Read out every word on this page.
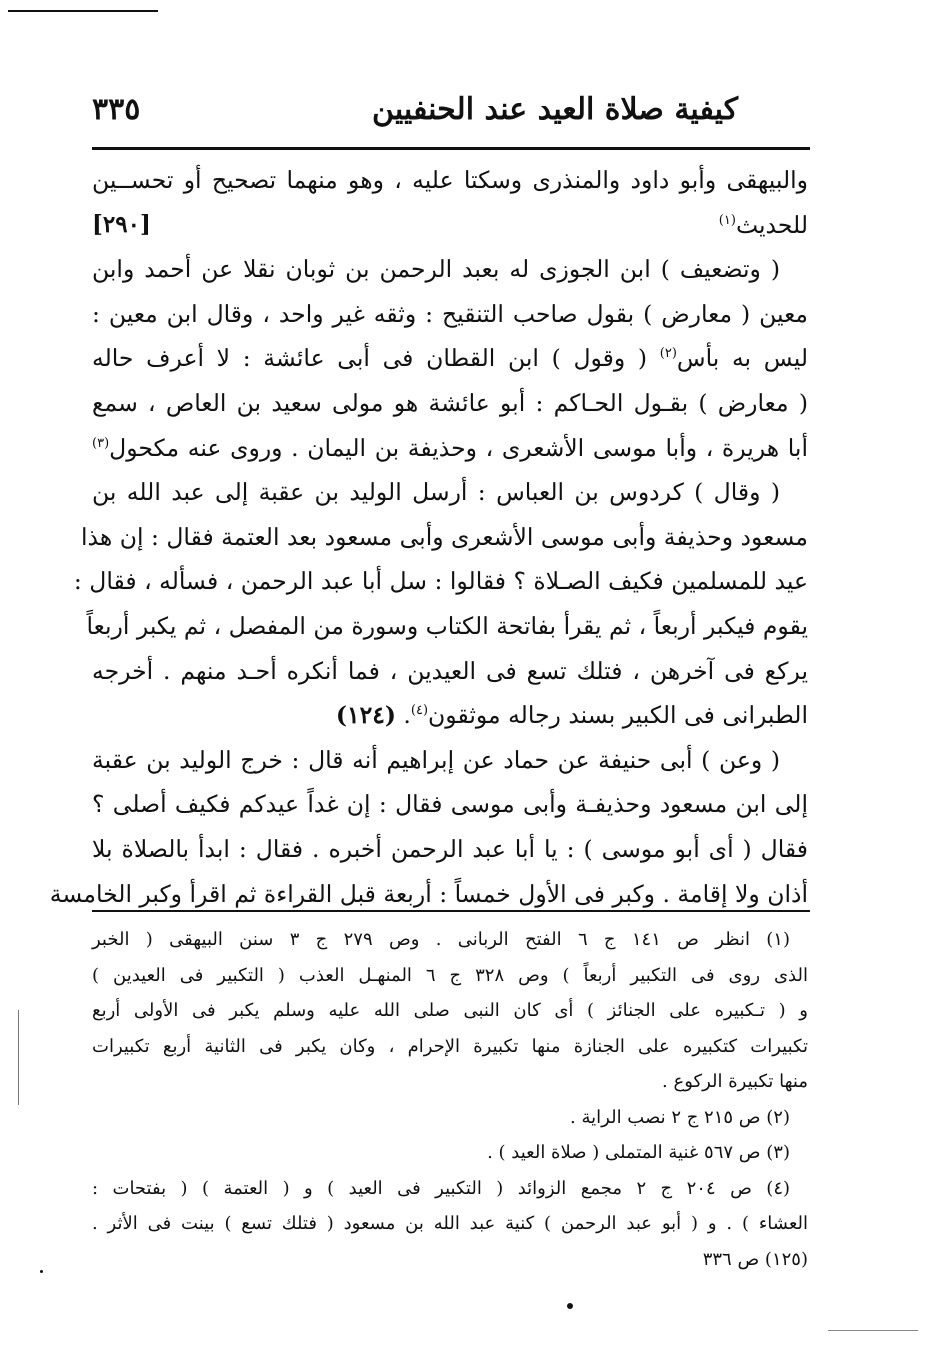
٣٣٥	كيفية صلاة العيد عند الحنفيين
والبيهقى وأبو داود والمنذرى وسكتا عليه ، وهو منهما تصحيح أو تحســين
للحديث$^{(١)}$
[٢٩٠]
( وتضعيف ) ابن الجوزى له بعبد الرحمن بن ثوبان نقلا عن أحمد وابن
معين ( معارض ) بقول صاحب التنقيح : وثقه غير واحد ، وقال ابن معين :
ليس به بأس$^{(٢)}$ ( وقول ) ابن القطان فى أبى عائشة : لا أعرف حاله
( معارض ) بقـول الحـاكم : أبو عائشة هو مولى سعيد بن العاص ، سمع
أبا هريرة ، وأبا موسى الأشعرى ، وحذيفة بن اليمان . وروى عنه مكحول$^{(٣)}$
( وقال ) كردوس بن العباس : أرسل الوليد بن عقبة إلى عبد الله بن
مسعود وحذيفة وأبى موسى الأشعرى وأبى مسعود بعد العتمة فقال : إن هذا
عيد للمسلمين فكيف الصـلاة ؟ فقالوا : سل أبا عبد الرحمن ، فسأله ، فقال :
يقوم فيكبر أربعاً ، ثم يقرأ بفاتحة الكتاب وسورة من المفصل ، ثم يكبر أربعاً
يركع فى آخرهن ، فتلك تسع فى العيدين ، فما أنكره أحـد منهم . أخرجه
الطبرانى فى الكبير بسند رجاله موثقون$^{(٤)}$. (١٢٤)
( وعن ) أبى حنيفة عن حماد عن إبراهيم أنه قال : خرج الوليد بن عقبة
إلى ابن مسعود وحذيفـة وأبى موسى فقال : إن غداً عيدكم فكيف أصلى ؟
فقال ( أى أبو موسى ) : يا أبا عبد الرحمن أخبره . فقال : ابدأ بالصلاة بلا
أذان ولا إقامة . وكبر فى الأول خمساً : أربعة قبل القراءة ثم اقرأ وكبر الخامسة
(١) انظر ص ١٤١ ج ٦ الفتح الربانى . وص ٢٧٩ ج ٣ سنن البيهقى ( الخبر
الذى روى فى التكبير أربعاً ) وص ٣٢٨ ج ٦ المنهـل العذب ( التكبير فى العيدين )
و ( تـكبيره على الجنائز ) أى كان النبى صلى الله عليه وسلم يكبر فى الأولى أربع
تكبيرات كتكبيره على الجنازة منها تكبيرة الإحرام ، وكان يكبر فى الثانية أربع تكبيرات
منها تكبيرة الركوع .
(٢) ص ٢١٥ ج ٢ نصب الراية .
(٣) ص ٥٦٧ غنية المتملى ( صلاة العيد ) .
(٤) ص ٢٠٤ ج ٢ مجمع الزوائد ( التكبير فى العيد ) و ( العتمة ) ( بفتحات :
العشاء ) . و ( أبو عبد الرحمن ) كنية عبد الله بن مسعود ( فتلك تسع ) بينت فى الأثر .
(١٢٥) ص ٣٣٦
